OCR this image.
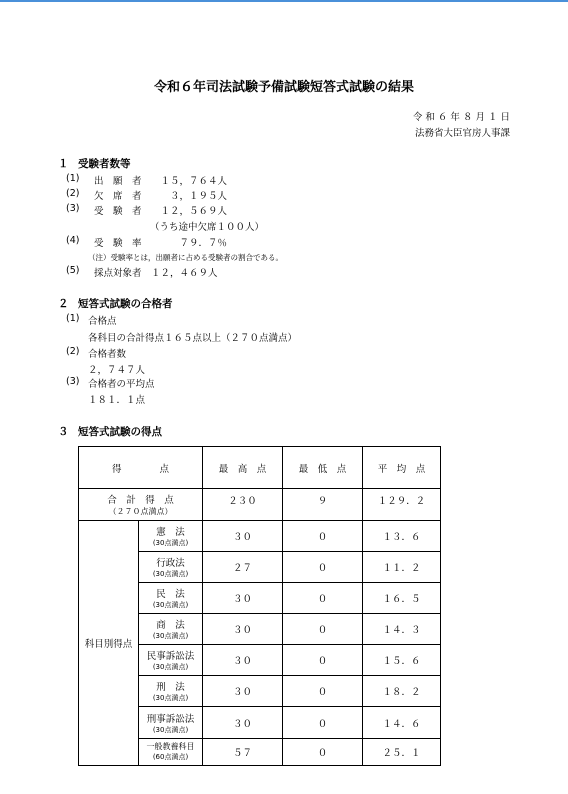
令和６年司法試験予備試験短答式試験の結果
令 和 ６ 年 ８ 月 １ 日
法務省大臣官房人事課
１ 受験者数等
(1) 出　願　者　　１５，７６４人
(2) 欠　席　者　　　３，１９５人
(3) 受　験　者　　１２，５６９人
（うち途中欠席１００人）
(4) 受　験　率　　　　７９．７％
（注）受験率とは，出願者に占める受験者の割合である。
(5) 採点対象者　１２，４６９人
２ 短答式試験の合格者
(1) 合格点
各科目の合計得点１６５点以上（２７０点満点）
(2) 合格者数
２，７４７人
(3) 合格者の平均点
１８１．１点
３ 短答式試験の得点
得　　　　点		最　高　点	最　低　点	平　均　点

合　計　得　点
（２７０点満点）		２３０	９	１２９．２
科目別得点	憲　法
(30点満点)	３０	０	１３．６

	行政法
(30点満点)	２７	０	１１．２

	民　法
(30点満点)	３０	０	１６．５

	商　法
(30点満点)	３０	０	１４．３

	民事訴訟法
(30点満点)	３０	０	１５．６

	刑　法
(30点満点)	３０	０	１８．２

	刑事訴訟法
(30点満点)	３０	０	１４．６

	一般教養科目
(60点満点)	５７	０	２５．１
